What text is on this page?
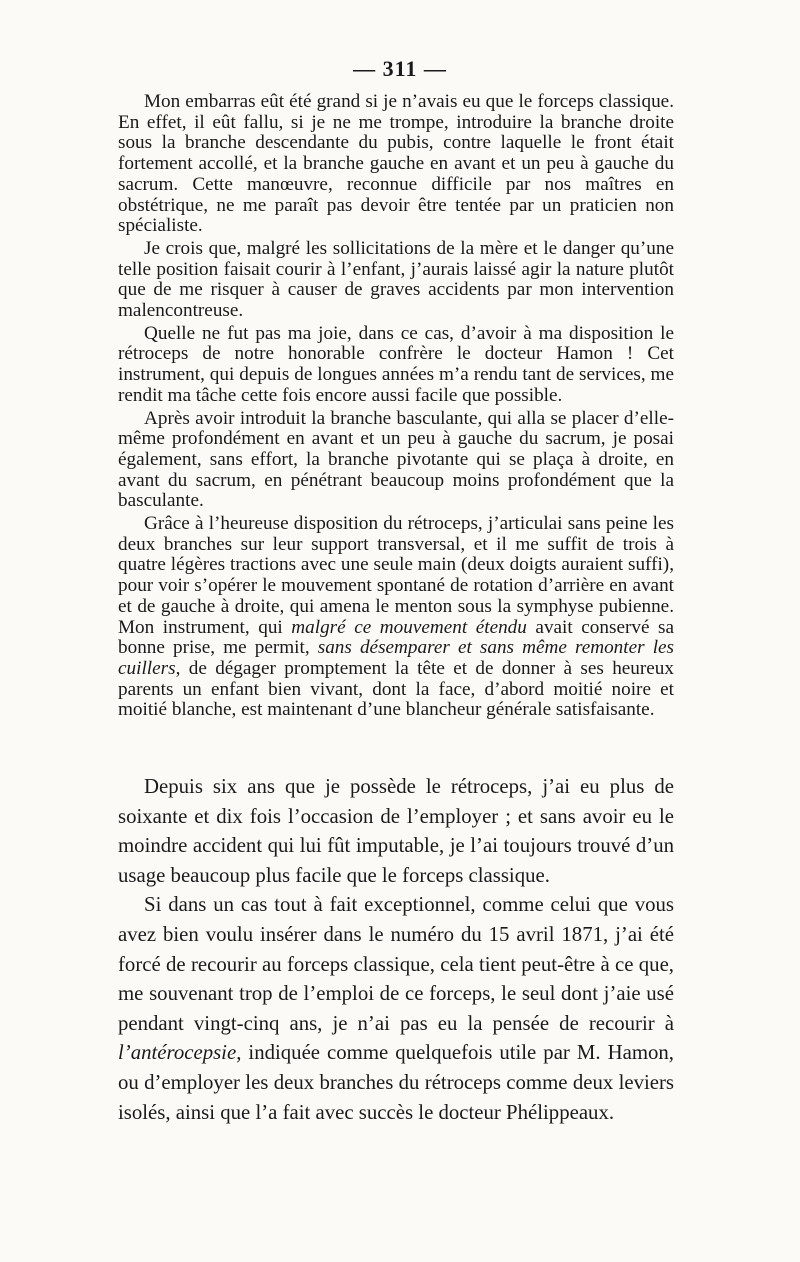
— 311 —

Mon embarras eût été grand si je n’avais eu que le forceps classique. En effet, il eût fallu, si je ne me trompe, introduire la branche droite sous la branche descendante du pubis, contre laquelle le front était fortement accollé, et la branche gauche en avant et un peu à gauche du sacrum. Cette manœuvre, reconnue difficile par nos maîtres en obstétrique, ne me paraît pas devoir être tentée par un praticien non spécialiste.

Je crois que, malgré les sollicitations de la mère et le danger qu’une telle position faisait courir à l’enfant, j’aurais laissé agir la nature plutôt que de me risquer à causer de graves accidents par mon intervention malencontreuse.

Quelle ne fut pas ma joie, dans ce cas, d’avoir à ma disposition le rétroceps de notre honorable confrère le docteur Hamon ! Cet instrument, qui depuis de longues années m’a rendu tant de services, me rendit ma tâche cette fois encore aussi facile que possible.

Après avoir introduit la branche basculante, qui alla se placer d’elle-même profondément en avant et un peu à gauche du sacrum, je posai également, sans effort, la branche pivotante qui se plaça à droite, en avant du sacrum, en pénétrant beaucoup moins profondément que la basculante.

Grâce à l’heureuse disposition du rétroceps, j’articulai sans peine les deux branches sur leur support transversal, et il me suffit de trois à quatre légères tractions avec une seule main (deux doigts auraient suffi), pour voir s’opérer le mouvement spontané de rotation d’arrière en avant et de gauche à droite, qui amena le menton sous la symphyse pubienne. Mon instrument, qui malgré ce mouvement étendu avait conservé sa bonne prise, me permit, sans désemparer et sans même remonter les cuillers, de dégager promptement la tête et de donner à ses heureux parents un enfant bien vivant, dont la face, d’abord moitié noire et moitié blanche, est maintenant d’une blancheur générale satisfaisante.

Depuis six ans que je possède le rétroceps, j’ai eu plus de soixante et dix fois l’occasion de l’employer ; et sans avoir eu le moindre accident qui lui fût imputable, je l’ai toujours trouvé d’un usage beaucoup plus facile que le forceps classique.

Si dans un cas tout à fait exceptionnel, comme celui que vous avez bien voulu insérer dans le numéro du 15 avril 1871, j’ai été forcé de recourir au forceps classique, cela tient peut-être à ce que, me souvenant trop de l’emploi de ce forceps, le seul dont j’aie usé pendant vingt-cinq ans, je n’ai pas eu la pensée de recourir à l’antérocepsie, indiquée comme quelquefois utile par M. Hamon, ou d’employer les deux branches du rétroceps comme deux leviers isolés, ainsi que l’a fait avec succès le docteur Phélippeaux.
